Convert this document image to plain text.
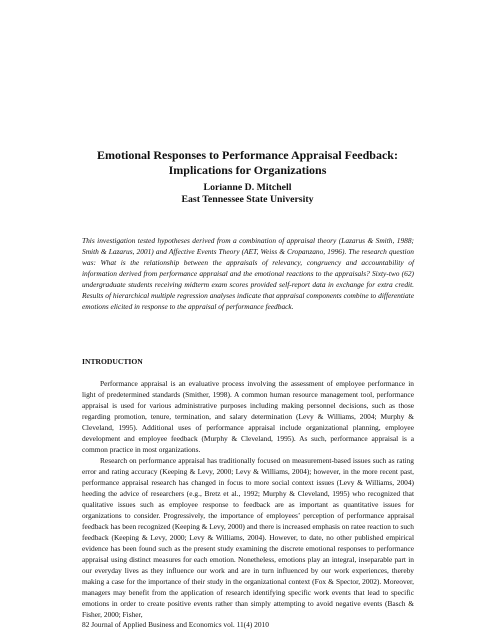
Emotional Responses to Performance Appraisal Feedback:
Implications for Organizations
Lorianne D. Mitchell
East Tennessee State University

This investigation tested hypotheses derived from a combination of appraisal theory (Lazarus & Smith, 1988; Smith & Lazarus, 2001) and Affective Events Theory (AET, Weiss & Cropanzano, 1996). The research question was: What is the relationship between the appraisals of relevancy, congruency and accountability of information derived from performance appraisal and the emotional reactions to the appraisals? Sixty-two (62) undergraduate students receiving midterm exam scores provided self-report data in exchange for extra credit. Results of hierarchical multiple regression analyses indicate that appraisal components combine to differentiate emotions elicited in response to the appraisal of performance feedback.

INTRODUCTION

Performance appraisal is an evaluative process involving the assessment of employee performance in light of predetermined standards (Smither, 1998). A common human resource management tool, performance appraisal is used for various administrative purposes including making personnel decisions, such as those regarding promotion, tenure, termination, and salary determination (Levy & Williams, 2004; Murphy & Cleveland, 1995). Additional uses of performance appraisal include organizational planning, employee development and employee feedback (Murphy & Cleveland, 1995). As such, performance appraisal is a common practice in most organizations.

Research on performance appraisal has traditionally focused on measurement-based issues such as rating error and rating accuracy (Keeping & Levy, 2000; Levy & Williams, 2004); however, in the more recent past, performance appraisal research has changed in focus to more social context issues (Levy & Williams, 2004) heeding the advice of researchers (e.g., Bretz et al., 1992; Murphy & Cleveland, 1995) who recognized that qualitative issues such as employee response to feedback are as important as quantitative issues for organizations to consider. Progressively, the importance of employees’ perception of performance appraisal feedback has been recognized (Keeping & Levy, 2000) and there is increased emphasis on ratee reaction to such feedback (Keeping & Levy, 2000; Levy & Williams, 2004). However, to date, no other published empirical evidence has been found such as the present study examining the discrete emotional responses to performance appraisal using distinct measures for each emotion. Nonetheless, emotions play an integral, inseparable part in our everyday lives as they influence our work and are in turn influenced by our work experiences, thereby making a case for the importance of their study in the organizational context (Fox & Spector, 2002). Moreover, managers may benefit from the application of research identifying specific work events that lead to specific emotions in order to create positive events rather than simply attempting to avoid negative events (Basch & Fisher, 2000; Fisher,

82 Journal of Applied Business and Economics vol. 11(4) 2010
